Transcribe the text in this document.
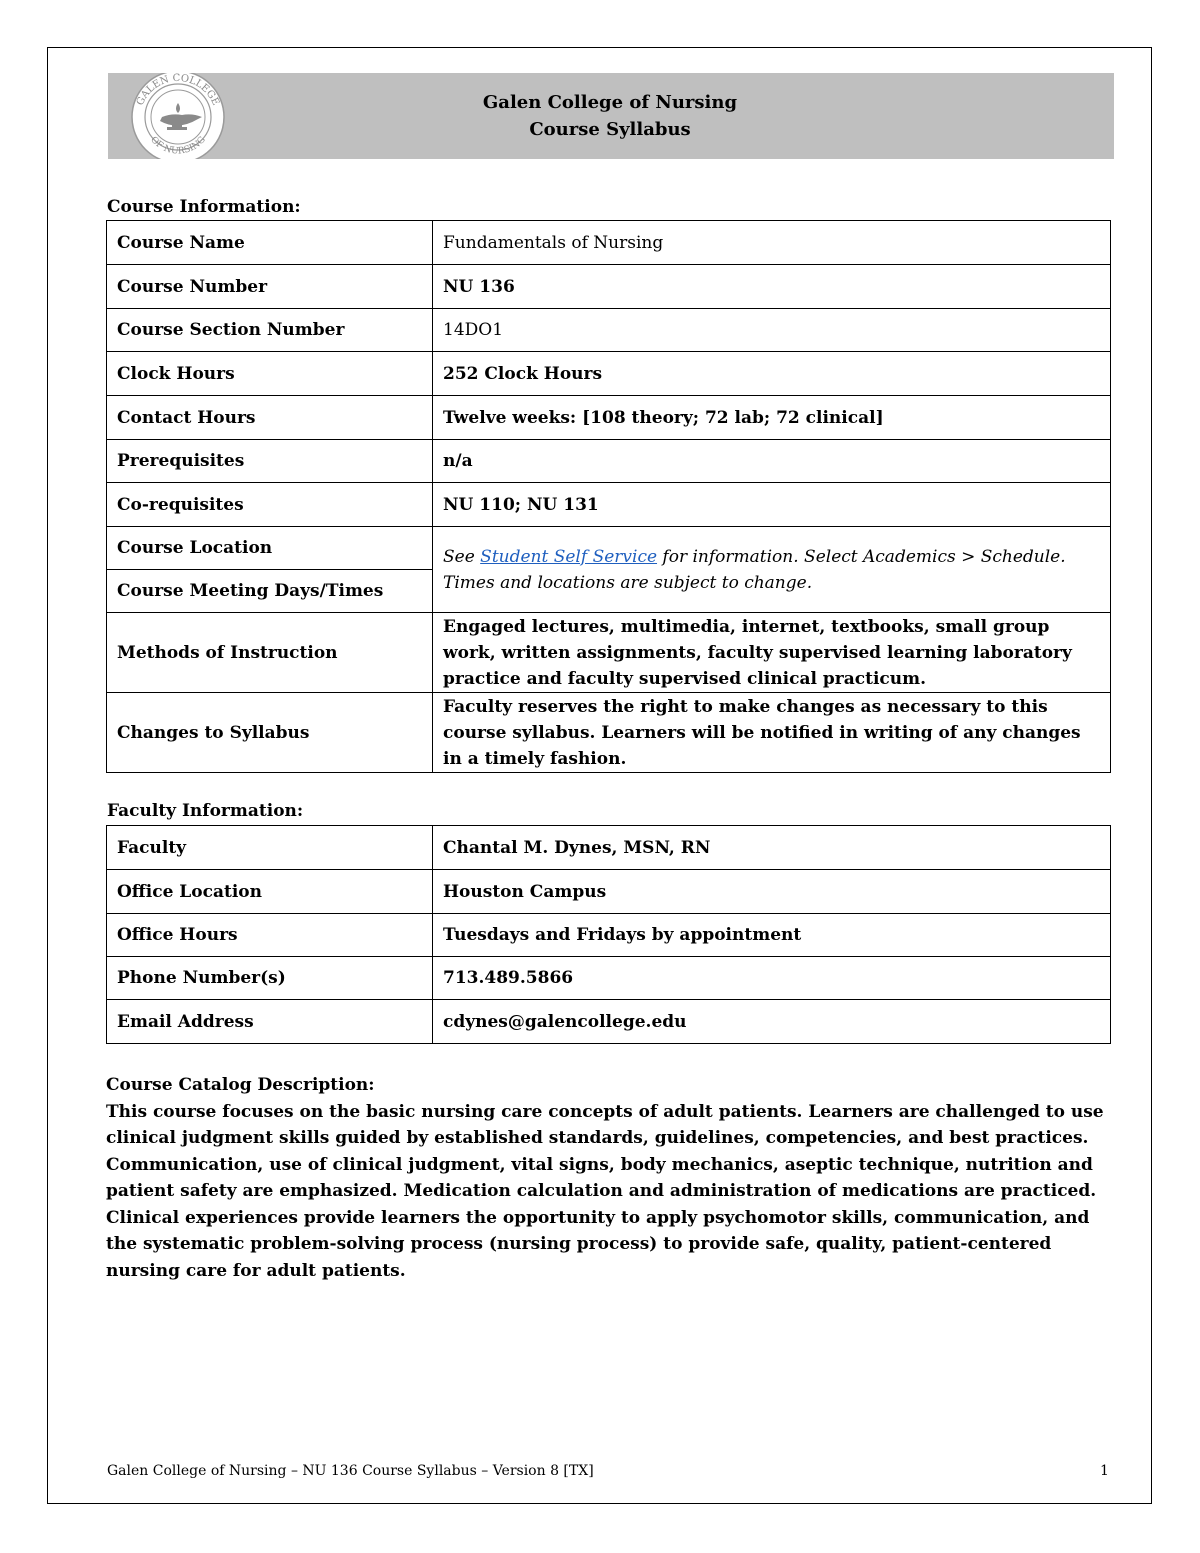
GALEN COLLEGE
OF NURSING
Galen College of Nursing
Course Syllabus
Course Information:
Course Name	Fundamentals of Nursing
Course Number	NU 136
Course Section Number	14DO1
Clock Hours	252 Clock Hours
Contact Hours	Twelve weeks: [108 theory; 72 lab; 72 clinical]
Prerequisites	n/a
Co-requisites	NU 110; NU 131
Course Location	See Student Self Service for information. Select Academics > Schedule. Times and locations are subject to change.
Course Meeting Days/Times	
Methods of Instruction	Engaged lectures, multimedia, internet, textbooks, small group work, written assignments, faculty supervised learning laboratory practice and faculty supervised clinical practicum.
Changes to Syllabus	Faculty reserves the right to make changes as necessary to this course syllabus. Learners will be notified in writing of any changes in a timely fashion.
Faculty Information:
Faculty	Chantal M. Dynes, MSN, RN
Office Location	Houston Campus
Office Hours	Tuesdays and Fridays by appointment
Phone Number(s)	713.489.5866
Email Address	cdynes@galencollege.edu
Course Catalog Description:

This course focuses on the basic nursing care concepts of adult patients. Learners are challenged to use clinical judgment skills guided by established standards, guidelines, competencies, and best practices. Communication, use of clinical judgment, vital signs, body mechanics, aseptic technique, nutrition and patient safety are emphasized. Medication calculation and administration of medications are practiced. Clinical experiences provide learners the opportunity to apply psychomotor skills, communication, and the systematic problem-solving process (nursing process) to provide safe, quality, patient-centered nursing care for adult patients.

Galen College of Nursing – NU 136 Course Syllabus – Version 8 [TX]	1
